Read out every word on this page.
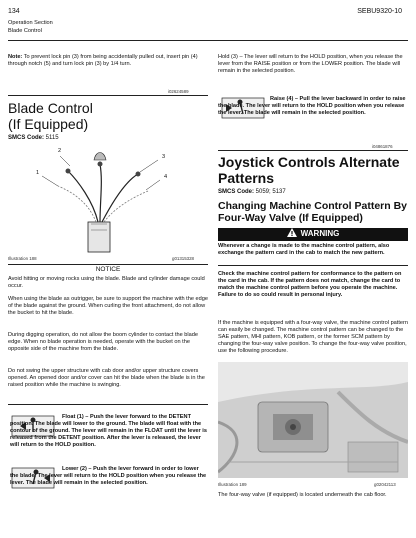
134	SEBU9320-10
Operation Section
Blade Control
Note: To prevent lock pin (3) from being accidentally pulled out, insert pin (4) through notch (5) and turn lock pin (3) by 1/4 turn.
i02624589
Blade Control
(If Equipped)
SMCS Code: 5115
2
1
3
4
Illustration 188	g01315328
NOTICE
Avoid hitting or moving rocks using the blade. Blade and cylinder damage could occur.
When using the blade as outrigger, be sure to support the machine with the edge of the blade against the ground. When curling the front attachment, do not allow the bucket to hit the blade.
During digging operation, do not allow the boom cylinder to contact the blade edge. When no blade operation is needed, operate with the bucket on the opposite side of the machine from the blade.
Do not swing the upper structure with cab door and/or upper structure covers opened. An opened door and/or cover can hit the blade when the blade is in the raised position while the machine is swinging.
Float (1) – Push the lever forward to the DETENT position. The blade will lower to the ground. The blade will float with the contour of the ground. The lever will remain in the FLOAT until the lever is released from the DETENT position. After the lever is released, the lever will return to the HOLD position.
Lower (2) – Push the lever forward in order to lower the blade. The lever will return to the HOLD position when you release the lever. The blade will remain in the selected position.
Hold (3) – The lever will return to the HOLD position, when you release the lever from the RAISE position or from the LOWER position. The blade will remain in the selected position.
Raise (4) – Pull the lever backward in order to raise the blade. The lever will return to the HOLD position when you release the lever. The blade will remain in the selected position.
i04861876
Joystick Controls Alternate Patterns
SMCS Code: 5059; 5137
Changing Machine Control Pattern By Four-Way Valve (If Equipped)
WARNING
Whenever a change is made to the machine control pattern, also exchange the pattern card in the cab to match the new pattern.
Check the machine control pattern for conformance to the pattern on the card in the cab. If the pattern does not match, change the card to match the machine control pattern before you operate the machine. Failure to do so could result in personal injury.
If the machine is equipped with a four-way valve, the machine control pattern can easily be changed. The machine control pattern can be changed to the SAE pattern, MHI pattern, KOB pattern, or the former SCM pattern by changing the four-way valve position. To change the four-way valve position, use the following procedure.
Illustration 189	g02042113
The four-way valve (if equipped) is located underneath the cab floor.
